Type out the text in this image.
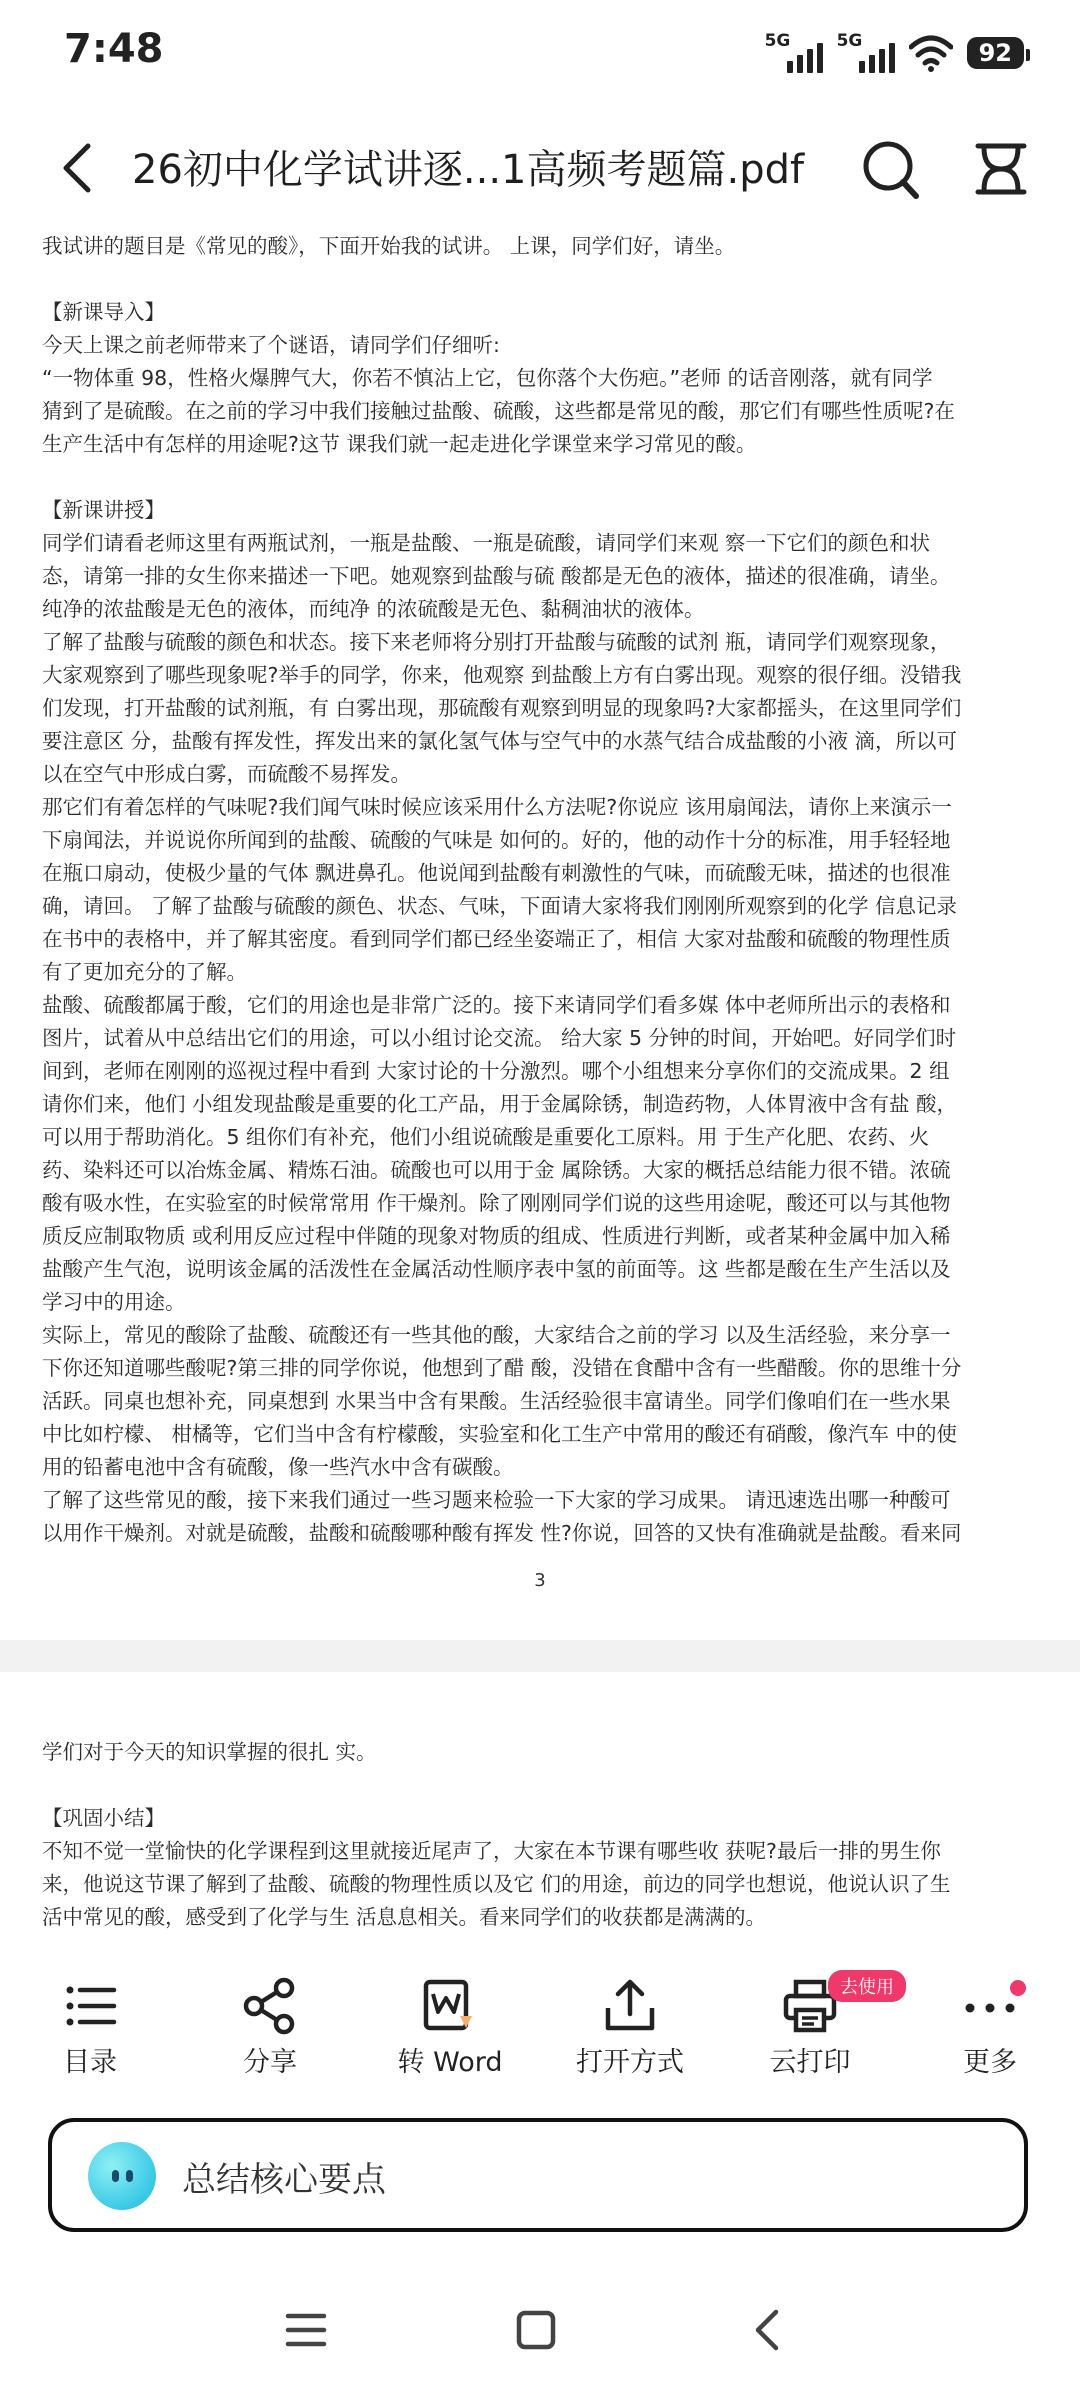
7:48	5G	5G	92
26初中化学试讲逐...1高频考题篇.pdf

我试讲的题目是《常见的酸》，下面开始我的试讲。 上课，同学们好，请坐。

【新课导入】

今天上课之前老师带来了个谜语，请同学们仔细听:

“一物体重 98，性格火爆脾气大，你若不慎沾上它，包你落个大伤疤。”老师 的话音刚落，就有同学

猜到了是硫酸。在之前的学习中我们接触过盐酸、硫酸，这些都是常见的酸，那它们有哪些性质呢?在

生产生活中有怎样的用途呢?这节 课我们就一起走进化学课堂来学习常见的酸。

【新课讲授】

同学们请看老师这里有两瓶试剂，一瓶是盐酸、一瓶是硫酸，请同学们来观 察一下它们的颜色和状

态，请第一排的女生你来描述一下吧。她观察到盐酸与硫 酸都是无色的液体，描述的很准确，请坐。

纯净的浓盐酸是无色的液体，而纯净 的浓硫酸是无色、黏稠油状的液体。

了解了盐酸与硫酸的颜色和状态。接下来老师将分别打开盐酸与硫酸的试剂 瓶，请同学们观察现象，

大家观察到了哪些现象呢?举手的同学，你来，他观察 到盐酸上方有白雾出现。观察的很仔细。没错我

们发现，打开盐酸的试剂瓶，有 白雾出现，那硫酸有观察到明显的现象吗?大家都摇头，在这里同学们

要注意区 分，盐酸有挥发性，挥发出来的氯化氢气体与空气中的水蒸气结合成盐酸的小液 滴，所以可

以在空气中形成白雾，而硫酸不易挥发。

那它们有着怎样的气味呢?我们闻气味时候应该采用什么方法呢?你说应 该用扇闻法，请你上来演示一

下扇闻法，并说说你所闻到的盐酸、硫酸的气味是 如何的。好的，他的动作十分的标准，用手轻轻地

在瓶口扇动，使极少量的气体 飘进鼻孔。他说闻到盐酸有刺激性的气味，而硫酸无味，描述的也很准

确，请回。 了解了盐酸与硫酸的颜色、状态、气味，下面请大家将我们刚刚所观察到的化学 信息记录

在书中的表格中，并了解其密度。看到同学们都已经坐姿端正了，相信 大家对盐酸和硫酸的物理性质

有了更加充分的了解。

盐酸、硫酸都属于酸，它们的用途也是非常广泛的。接下来请同学们看多媒 体中老师所出示的表格和

图片，试着从中总结出它们的用途，可以小组讨论交流。 给大家 5 分钟的时间，开始吧。好同学们时

间到，老师在刚刚的巡视过程中看到 大家讨论的十分激烈。哪个小组想来分享你们的交流成果。2 组

请你们来，他们 小组发现盐酸是重要的化工产品，用于金属除锈，制造药物，人体胃液中含有盐 酸，

可以用于帮助消化。5 组你们有补充，他们小组说硫酸是重要化工原料。用 于生产化肥、农药、火

药、染料还可以冶炼金属、精炼石油。硫酸也可以用于金 属除锈。大家的概括总结能力很不错。浓硫

酸有吸水性，在实验室的时候常常用 作干燥剂。除了刚刚同学们说的这些用途呢，酸还可以与其他物

质反应制取物质 或利用反应过程中伴随的现象对物质的组成、性质进行判断，或者某种金属中加入稀

盐酸产生气泡，说明该金属的活泼性在金属活动性顺序表中氢的前面等。这 些都是酸在生产生活以及

学习中的用途。

实际上，常见的酸除了盐酸、硫酸还有一些其他的酸，大家结合之前的学习 以及生活经验，来分享一

下你还知道哪些酸呢?第三排的同学你说，他想到了醋 酸，没错在食醋中含有一些醋酸。你的思维十分

活跃。同桌也想补充，同桌想到 水果当中含有果酸。生活经验很丰富请坐。同学们像咱们在一些水果

中比如柠檬、 柑橘等，它们当中含有柠檬酸，实验室和化工生产中常用的酸还有硝酸，像汽车 中的使

用的铅蓄电池中含有硫酸，像一些汽水中含有碳酸。

了解了这些常见的酸，接下来我们通过一些习题来检验一下大家的学习成果。 请迅速选出哪一种酸可

以用作干燥剂。对就是硫酸，盐酸和硫酸哪种酸有挥发 性?你说，回答的又快有准确就是盐酸。看来同

3

学们对于今天的知识掌握的很扎 实。

【巩固小结】

不知不觉一堂愉快的化学课程到这里就接近尾声了，大家在本节课有哪些收 获呢?最后一排的男生你

来，他说这节课了解到了盐酸、硫酸的物理性质以及它 们的用途，前边的同学也想说，他说认识了生

活中常见的酸，感受到了化学与生 活息息相关。看来同学们的收获都是满满的。

目录	分享	转 Word	打开方式	云打印
去使用
更多
总结核心要点
